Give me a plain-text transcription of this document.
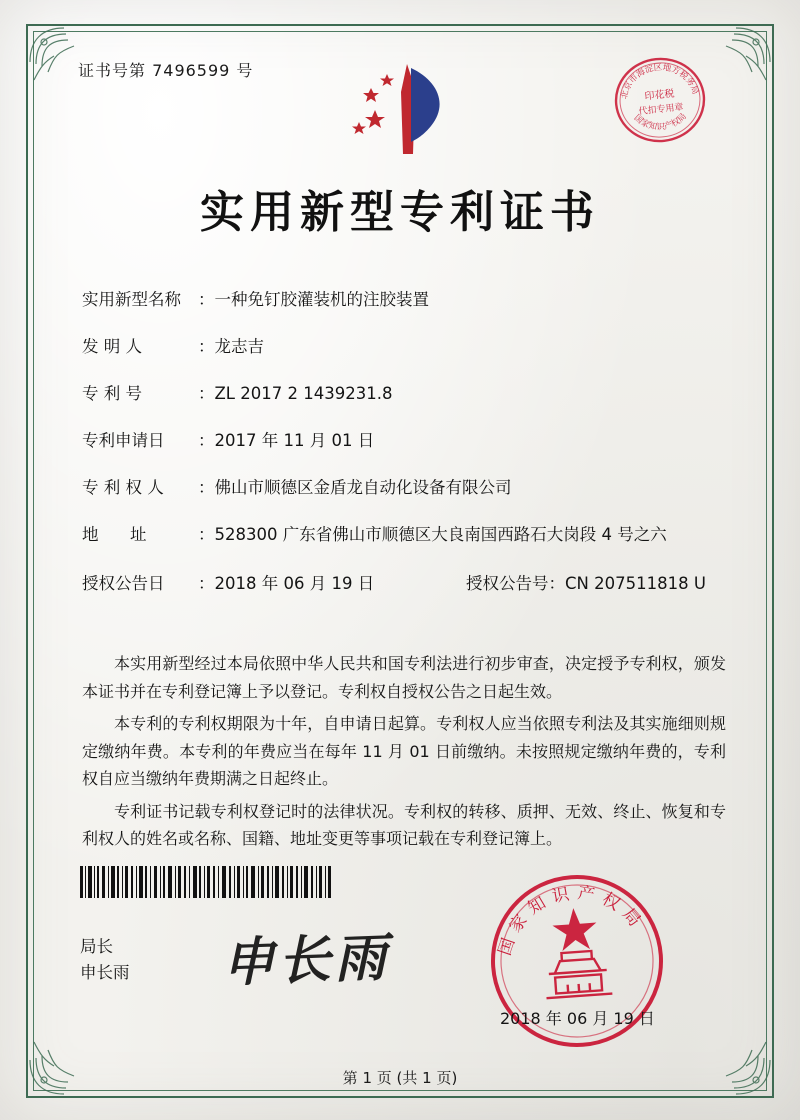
证书号第 7496599 号
印花税
代扣专用章
北京市海淀区地方税务局
国家知识产权局
实用新型专利证书
实用新型名称	： 一种免钉胶灌装机的注胶装置
发 明 人	： 龙志吉
专 利 号	： ZL 2017 2 1439231.8
专利申请日	： 2017 年 11 月 01 日
专 利 权 人	： 佛山市顺德区金盾龙自动化设备有限公司
地      址	： 528300 广东省佛山市顺德区大良南国西路石大岗段 4 号之六
授权公告日	： 2018 年 06 月 19 日	授权公告号：CN 207511818 U

本实用新型经过本局依照中华人民共和国专利法进行初步审查，决定授予专利权，颁发本证书并在专利登记簿上予以登记。专利权自授权公告之日起生效。

本专利的专利权期限为十年，自申请日起算。专利权人应当依照专利法及其实施细则规定缴纳年费。本专利的年费应当在每年 11 月 01 日前缴纳。未按照规定缴纳年费的，专利权自应当缴纳年费期满之日起终止。

专利证书记载专利权登记时的法律状况。专利权的转移、质押、无效、终止、恢复和专利权人的姓名或名称、国籍、地址变更等事项记载在专利登记簿上。

局长
申长雨 申长雨	国家知识产权局
2018 年 06 月 19 日
第 1 页 (共 1 页)
